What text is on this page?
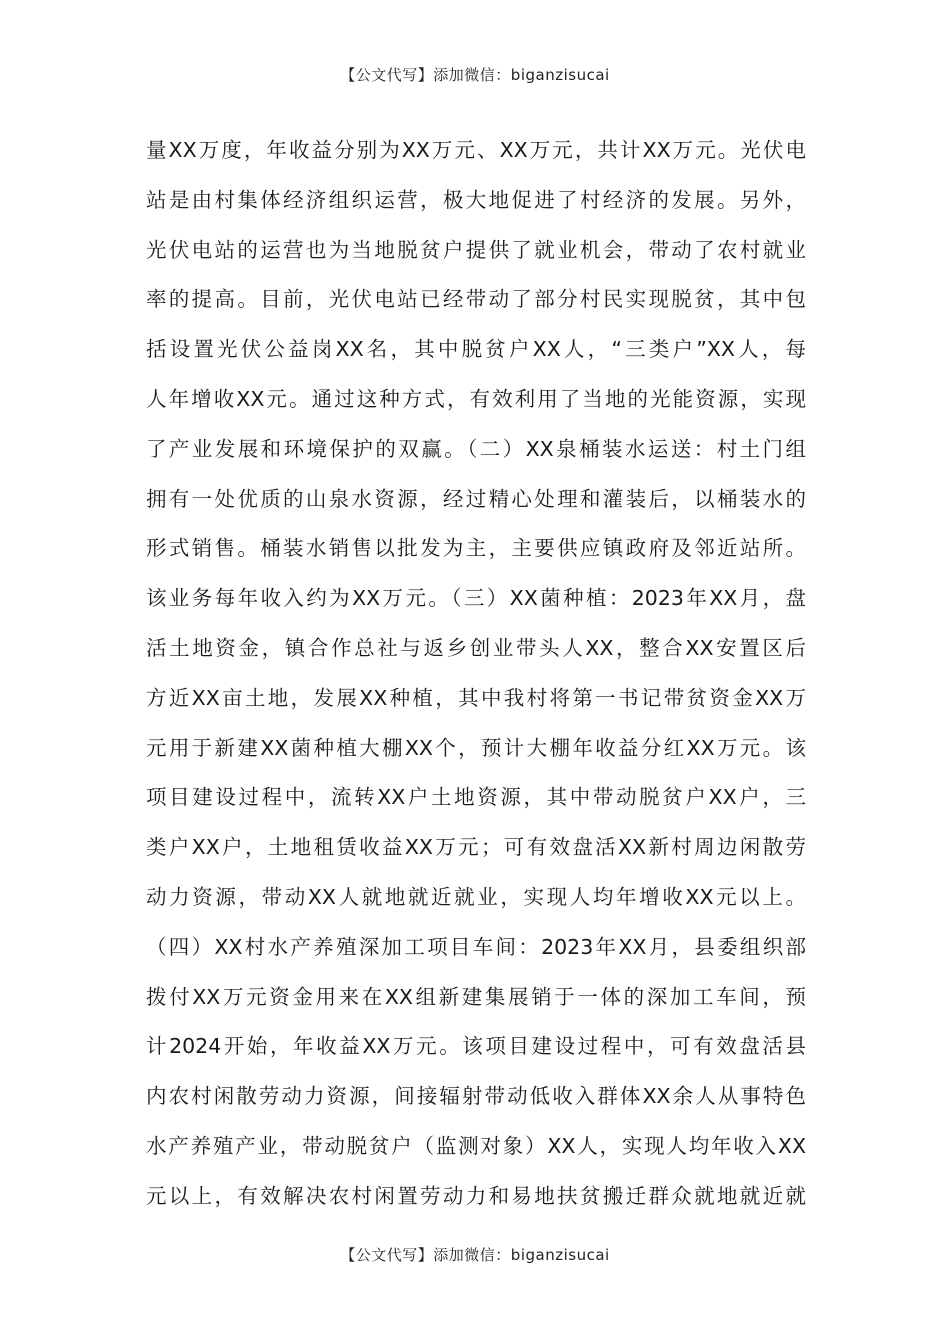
【公文代写】添加微信：biganzisucai
量XX万度，年收益分别为XX万元、XX万元，共计XX万元。光伏电
站是由村集体经济组织运营，极大地促进了村经济的发展。另外，
光伏电站的运营也为当地脱贫户提供了就业机会，带动了农村就业
率的提高。目前，光伏电站已经带动了部分村民实现脱贫，其中包
括设置光伏公益岗XX名，其中脱贫户XX人，“三类户”XX人，每
人年增收XX元。通过这种方式，有效利用了当地的光能资源，实现
了产业发展和环境保护的双赢。（二）XX泉桶装水运送：村土门组
拥有一处优质的山泉水资源，经过精心处理和灌装后，以桶装水的
形式销售。桶装水销售以批发为主，主要供应镇政府及邻近站所。
该业务每年收入约为XX万元。（三）XX菌种植：2023年XX月，盘
活土地资金，镇合作总社与返乡创业带头人XX，整合XX安置区后
方近XX亩土地，发展XX种植，其中我村将第一书记带贫资金XX万
元用于新建XX菌种植大棚XX个，预计大棚年收益分红XX万元。该
项目建设过程中，流转XX户土地资源，其中带动脱贫户XX户，三
类户XX户，土地租赁收益XX万元；可有效盘活XX新村周边闲散劳
动力资源，带动XX人就地就近就业，实现人均年增收XX元以上。
（四）XX村水产养殖深加工项目车间：2023年XX月，县委组织部
拨付XX万元资金用来在XX组新建集展销于一体的深加工车间，预
计2024开始，年收益XX万元。该项目建设过程中，可有效盘活县
内农村闲散劳动力资源，间接辐射带动低收入群体XX余人从事特色
水产养殖产业，带动脱贫户（监测对象）XX人，实现人均年收入XX
元以上，有效解决农村闲置劳动力和易地扶贫搬迁群众就地就近就
【公文代写】添加微信：biganzisucai
